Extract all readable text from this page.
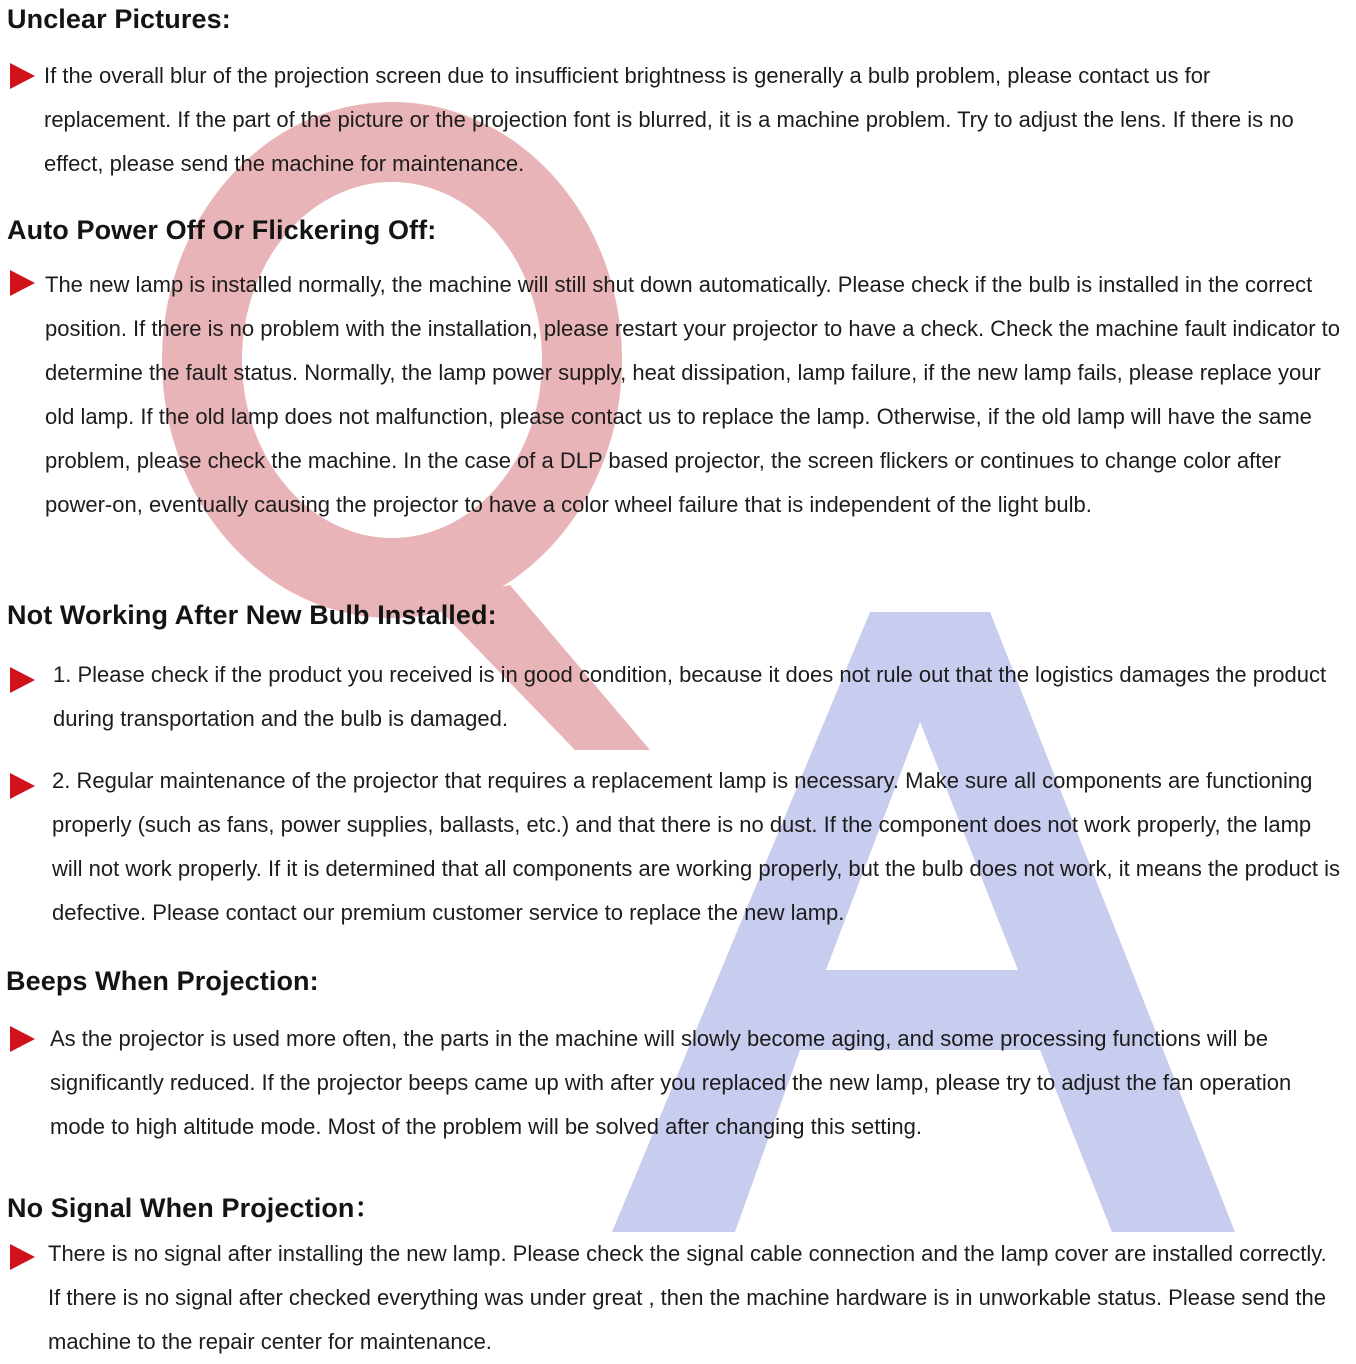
Unclear Pictures:

If the overall blur of the projection screen due to insufficient brightness is generally a bulb problem, please contact us for replacement. If the part of the picture or the projection font is blurred, it is a machine problem. Try to adjust the lens. If there is no effect, please send the machine for maintenance.

Auto Power Off Or Flickering Off:

The new lamp is installed normally, the machine will still shut down automatically. Please check if the bulb is installed in the correct position. If there is no problem with the installation, please restart your projector to have a check. Check the machine fault indicator to determine the fault status. Normally, the lamp power supply, heat dissipation, lamp failure, if the new lamp fails, please replace your old lamp. If the old lamp does not malfunction, please contact us to replace the lamp. Otherwise, if the old lamp will have the same problem, please check the machine. In the case of a DLP based projector, the screen flickers or continues to change color after power-on, eventually causing the projector to have a color wheel failure that is independent of the light bulb.

Not Working After New Bulb Installed:

1. Please check if the product you received is in good condition, because it does not rule out that the logistics damages the product during transportation and the bulb is damaged.

2. Regular maintenance of the projector that requires a replacement lamp is necessary. Make sure all components are functioning properly (such as fans, power supplies, ballasts, etc.) and that there is no dust. If the component does not work properly, the lamp will not work properly. If it is determined that all components are working properly, but the bulb does not work, it means the product is defective. Please contact our premium customer service to replace the new lamp.

Beeps When Projection:

As the projector is used more often, the parts in the machine will slowly become aging, and some processing functions will be significantly reduced. If the projector beeps came up with after you replaced the new lamp, please try to adjust the fan operation mode to high altitude mode. Most of the problem will be solved after changing this setting.

No Signal When Projection：

There is no signal after installing the new lamp. Please check the signal cable connection and the lamp cover are installed correctly. If there is no signal after checked everything was under great , then the machine hardware is in unworkable status. Please send the machine to the repair center for maintenance.
